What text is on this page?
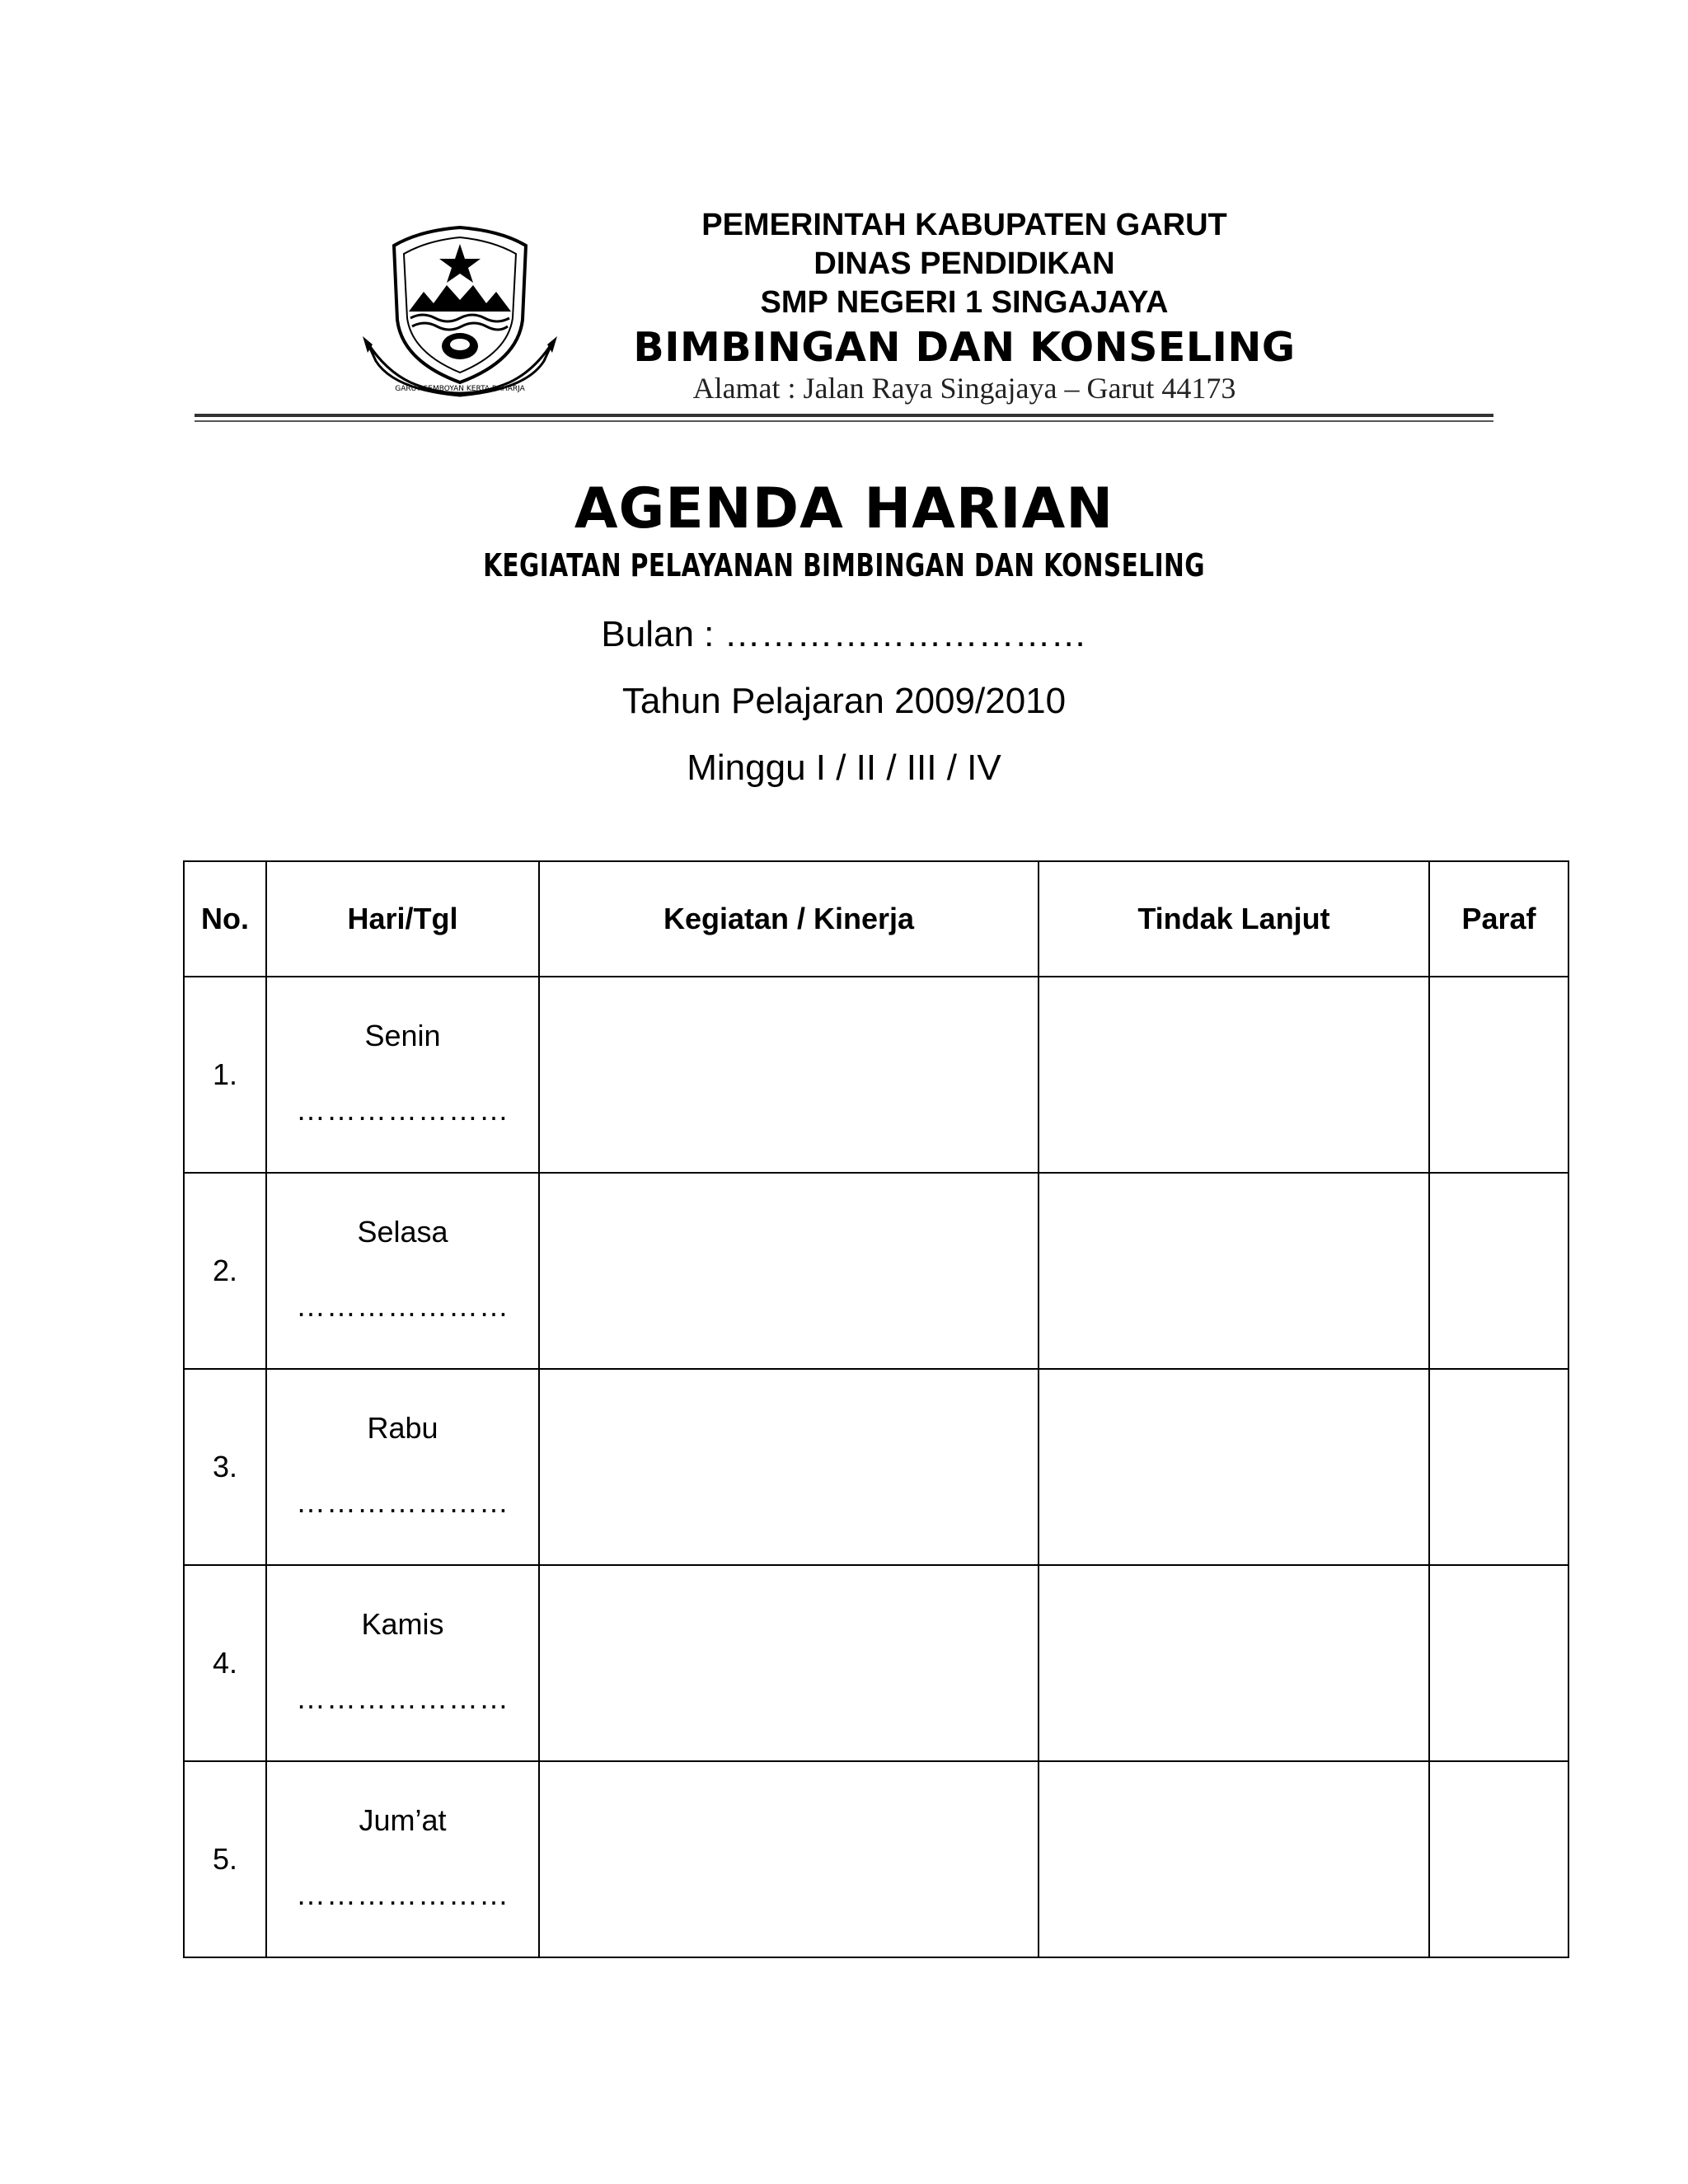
GARUT SEMBOYAN KERTA RAHARJA
PEMERINTAH KABUPATEN GARUT
DINAS PENDIDIKAN
SMP NEGERI 1 SINGAJAYA
BIMBINGAN DAN KONSELING
Alamat : Jalan Raya Singajaya – Garut 44173
AGENDA HARIAN
KEGIATAN PELAYANAN BIMBINGAN DAN KONSELING
Bulan : …………………………
Tahun Pelajaran 2009/2010
Minggu I / II / III / IV
No.	Hari/Tgl	Kegiatan / Kinerja	Tindak Lanjut	Paraf
1.	Senin
…………………			

2.	Selasa
…………………			

3.	Rabu
…………………			

4.	Kamis
…………………			

5.	Jum’at
…………………			
